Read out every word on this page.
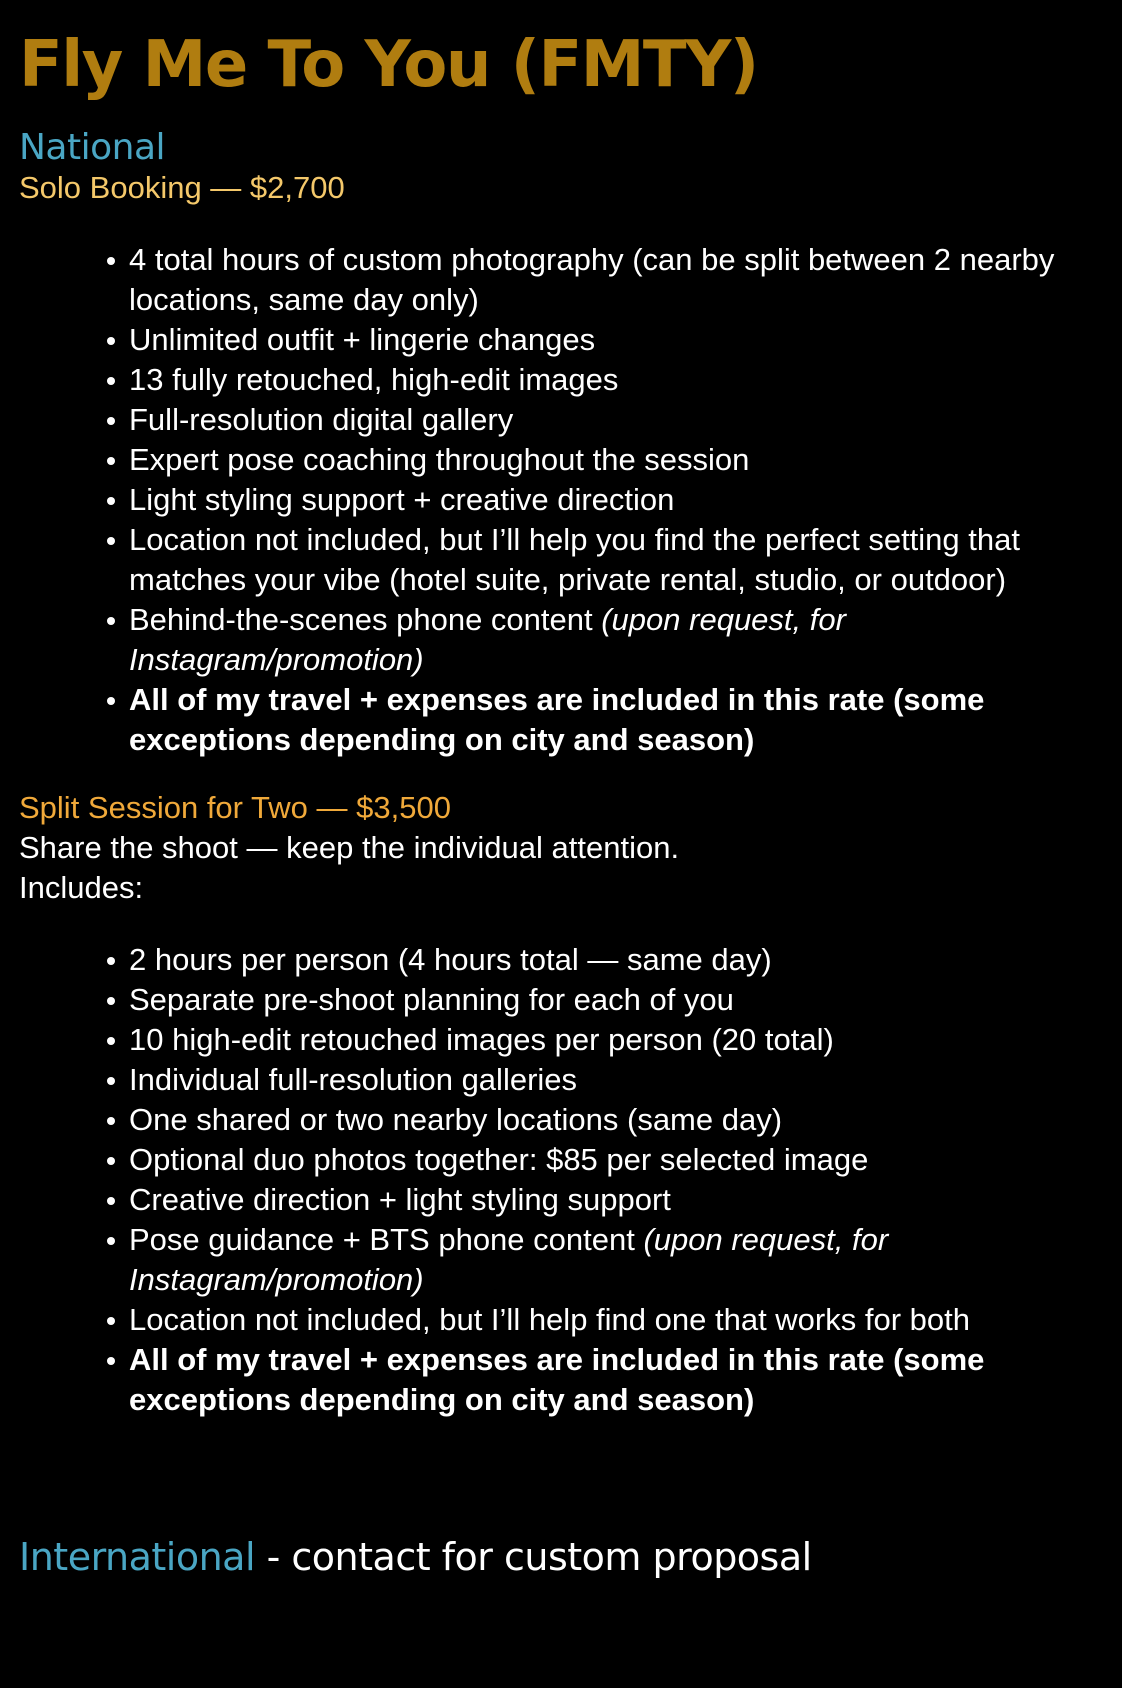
Fly Me To You (FMTY)
National
Solo Booking — $2,700
4 total hours of custom photography (can be split between 2 nearby locations, same day only)
Unlimited outfit + lingerie changes
13 fully retouched, high-edit images
Full-resolution digital gallery
Expert pose coaching throughout the session
Light styling support + creative direction
Location not included, but I’ll help you find the perfect setting that matches your vibe (hotel suite, private rental, studio, or outdoor)
Behind-the-scenes phone content (upon request, for Instagram/promotion)
All of my travel + expenses are included in this rate (some exceptions depending on city and season)
Split Session for Two — $3,500
Share the shoot — keep the individual attention.
Includes:
2 hours per person (4 hours total — same day)
Separate pre-shoot planning for each of you
10 high-edit retouched images per person (20 total)
Individual full-resolution galleries
One shared or two nearby locations (same day)
Optional duo photos together: $85 per selected image
Creative direction + light styling support
Pose guidance + BTS phone content (upon request, for Instagram/promotion)
Location not included, but I’ll help find one that works for both
All of my travel + expenses are included in this rate (some exceptions depending on city and season)
International - contact for custom proposal
